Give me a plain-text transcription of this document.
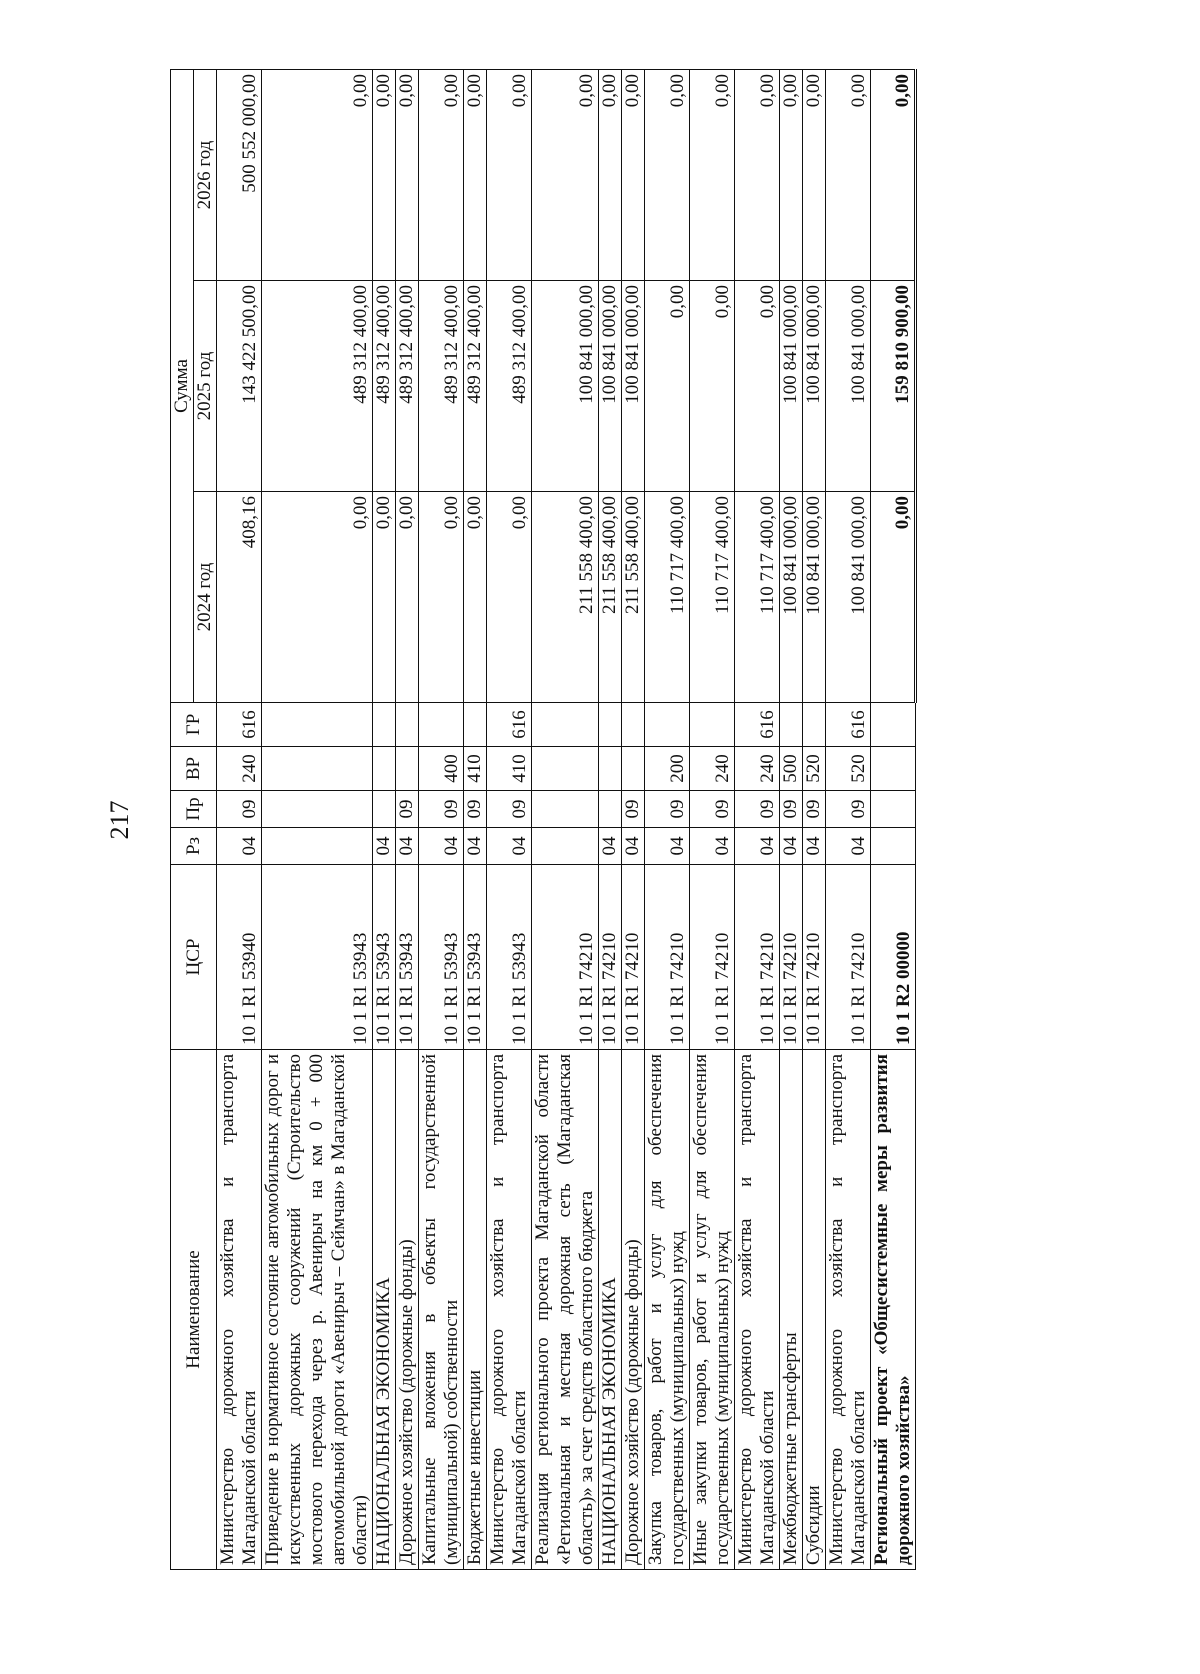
217
Наименование	ЦСР	Рз	Пр	ВР	ГР	Сумма		
						2024 год	2025 год	2026 год
Министерство дорожного хозяйства и транспорта Магаданской области	10 1 R1 53940	04	09	240	616	408,16	143 422 500,00	500 552 000,00
Приведение в нормативное состояние автомобильных дорог и искусственных дорожных сооружений (Строительство мостового перехода через р. Авенирыч на км 0 + 000 автомобильной дороги «Авенирыч – Сеймчан» в Магаданской области)	10 1 R1 53943					0,00	489 312 400,00	0,00
НАЦИОНАЛЬНАЯ ЭКОНОМИКА	10 1 R1 53943	04				0,00	489 312 400,00	0,00
Дорожное хозяйство (дорожные фонды)	10 1 R1 53943	04	09			0,00	489 312 400,00	0,00
Капитальные вложения в объекты государственной (муниципальной) собственности	10 1 R1 53943	04	09	400		0,00	489 312 400,00	0,00
Бюджетные инвестиции	10 1 R1 53943	04	09	410		0,00	489 312 400,00	0,00
Министерство дорожного хозяйства и транспорта Магаданской области	10 1 R1 53943	04	09	410	616	0,00	489 312 400,00	0,00
Реализация регионального проекта Магаданской области «Региональная и местная дорожная сеть (Магаданская область)» за счет средств областного бюджета	10 1 R1 74210					211 558 400,00	100 841 000,00	0,00
НАЦИОНАЛЬНАЯ ЭКОНОМИКА	10 1 R1 74210	04				211 558 400,00	100 841 000,00	0,00
Дорожное хозяйство (дорожные фонды)	10 1 R1 74210	04	09			211 558 400,00	100 841 000,00	0,00
Закупка товаров, работ и услуг для обеспечения государственных (муниципальных) нужд	10 1 R1 74210	04	09	200		110 717 400,00	0,00	0,00
Иные закупки товаров, работ и услуг для обеспечения государственных (муниципальных) нужд	10 1 R1 74210	04	09	240		110 717 400,00	0,00	0,00
Министерство дорожного хозяйства и транспорта Магаданской области	10 1 R1 74210	04	09	240	616	110 717 400,00	0,00	0,00
Межбюджетные трансферты	10 1 R1 74210	04	09	500		100 841 000,00	100 841 000,00	0,00
Субсидии	10 1 R1 74210	04	09	520		100 841 000,00	100 841 000,00	0,00
Министерство дорожного хозяйства и транспорта Магаданской области	10 1 R1 74210	04	09	520	616	100 841 000,00	100 841 000,00	0,00
Региональный проект «Общесистемные меры развития дорожного хозяйства»	10 1 R2 00000					0,00	159 810 900,00	0,00
